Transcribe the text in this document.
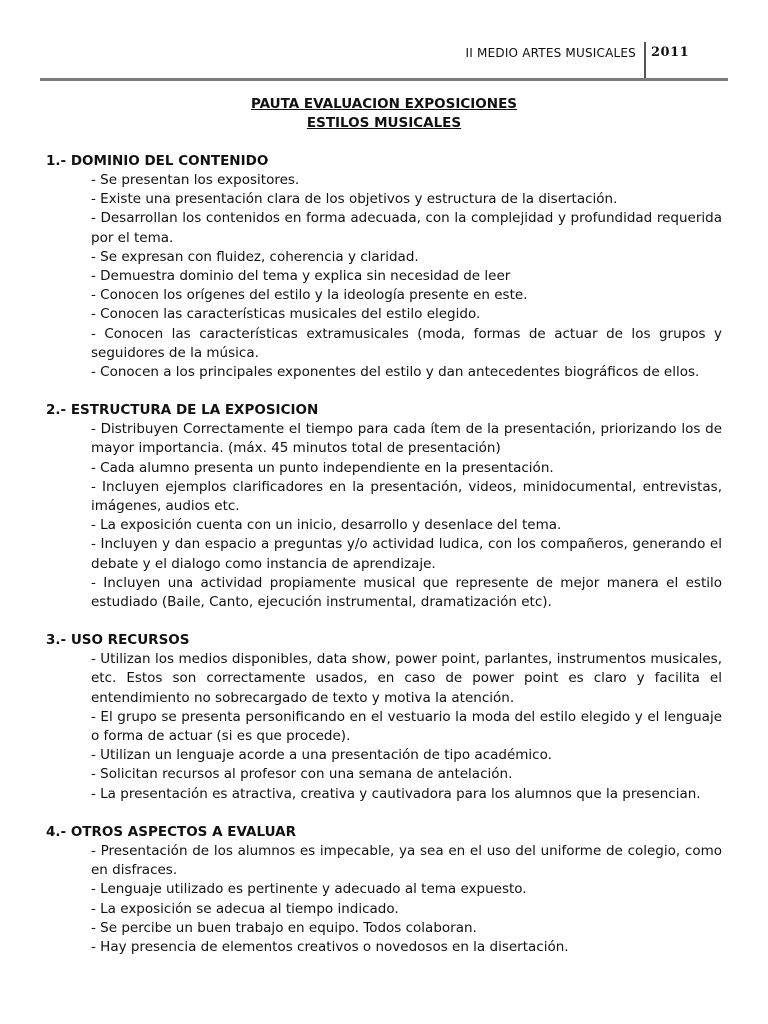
II MEDIO ARTES MUSICALES 2011
PAUTA EVALUACION EXPOSICIONES
ESTILOS MUSICALES
1.- DOMINIO DEL CONTENIDO
- Se presentan los expositores.
- Existe una presentación clara de los objetivos y estructura de la disertación.
- Desarrollan los contenidos en forma adecuada, con la complejidad y profundidad requerida por el tema.
- Se expresan con fluidez, coherencia y claridad.
- Demuestra dominio del tema y explica sin necesidad de leer
- Conocen los orígenes del estilo y la ideología presente en este.
- Conocen las características musicales del estilo elegido.
- Conocen las características extramusicales (moda, formas de actuar de los grupos y seguidores de la música.
- Conocen a los principales exponentes del estilo y dan antecedentes biográficos de ellos.
2.- ESTRUCTURA DE LA EXPOSICION
- Distribuyen Correctamente el tiempo para cada ítem de la presentación, priorizando los de mayor importancia. (máx. 45 minutos total de presentación)
- Cada alumno presenta un punto independiente en la presentación.
- Incluyen ejemplos clarificadores en la presentación, videos, minidocumental, entrevistas, imágenes, audios etc.
- La exposición cuenta con un inicio, desarrollo y desenlace del tema.
- Incluyen y dan espacio a preguntas y/o actividad ludica, con los compañeros, generando el debate y el dialogo como instancia de aprendizaje.
- Incluyen una actividad propiamente musical que represente de mejor manera el estilo estudiado (Baile, Canto, ejecución instrumental, dramatización etc).
3.- USO RECURSOS
- Utilizan los medios disponibles, data show, power point, parlantes, instrumentos musicales, etc. Estos son correctamente usados, en caso de power point es claro y facilita el entendimiento no sobrecargado de texto y motiva la atención.
- El grupo se presenta personificando en el vestuario la moda del estilo elegido y el lenguaje o forma de actuar (si es que procede).
- Utilizan un lenguaje acorde a una presentación de tipo académico.
- Solicitan recursos al profesor con una semana de antelación.
- La presentación es atractiva, creativa y cautivadora para los alumnos que la presencian.
4.- OTROS ASPECTOS A EVALUAR
- Presentación de los alumnos es impecable, ya sea en el uso del uniforme de colegio, como en disfraces.
- Lenguaje utilizado es pertinente y adecuado al tema expuesto.
- La exposición se adecua al tiempo indicado.
- Se percibe un buen trabajo en equipo. Todos colaboran.
- Hay presencia de elementos creativos o novedosos en la disertación.
